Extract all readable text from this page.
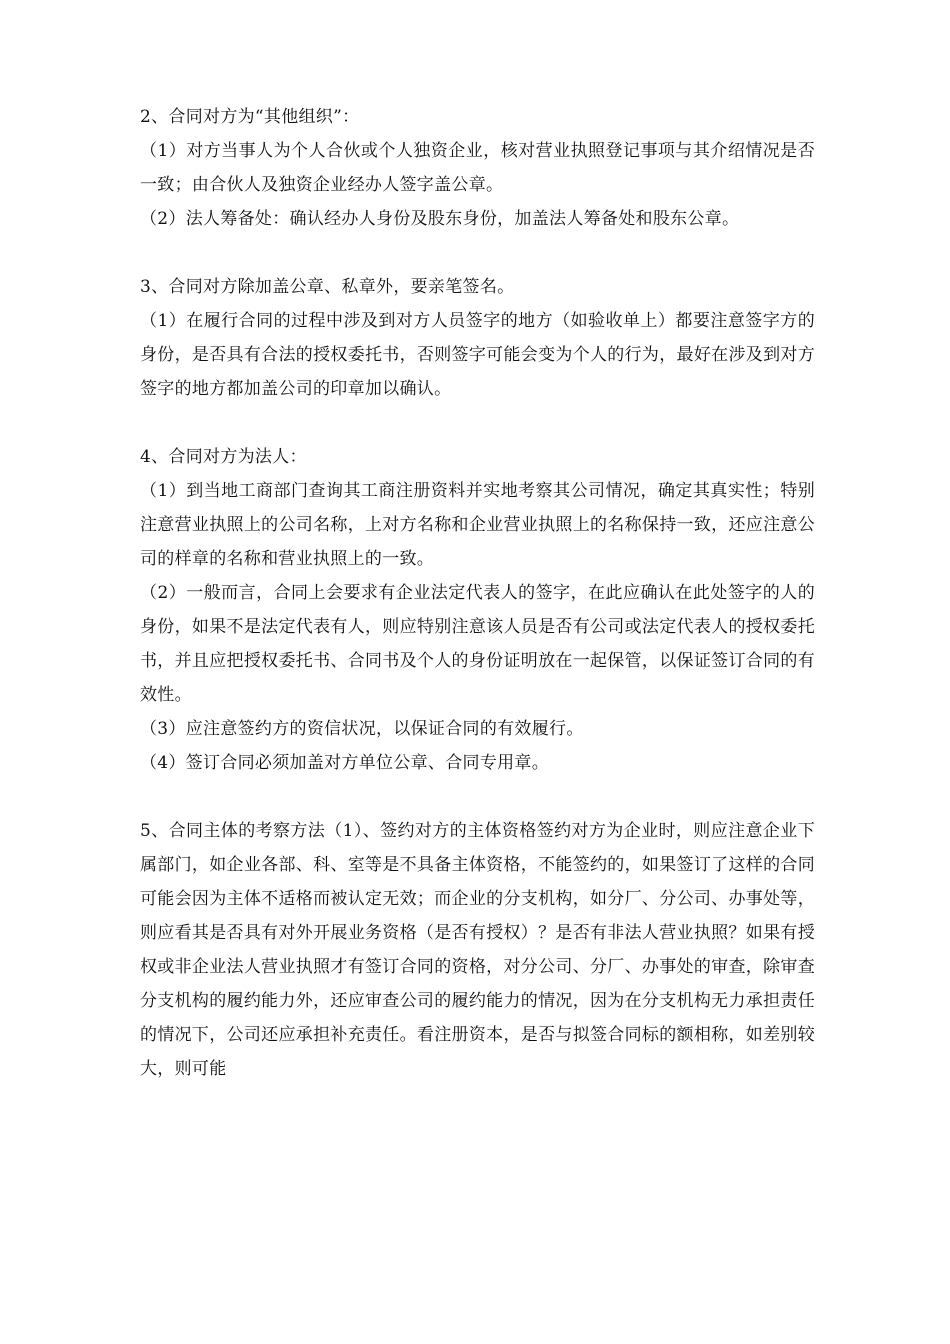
2、合同对方为“其他组织”：

（1）对方当事人为个人合伙或个人独资企业，核对营业执照登记事项与其介绍情况是否一致；由合伙人及独资企业经办人签字盖公章。

（2）法人筹备处：确认经办人身份及股东身份，加盖法人筹备处和股东公章。

3、合同对方除加盖公章、私章外，要亲笔签名。

（1）在履行合同的过程中涉及到对方人员签字的地方（如验收单上）都要注意签字方的身份，是否具有合法的授权委托书，否则签字可能会变为个人的行为，最好在涉及到对方签字的地方都加盖公司的印章加以确认。

4、合同对方为法人：

（1）到当地工商部门查询其工商注册资料并实地考察其公司情况，确定其真实性；特别注意营业执照上的公司名称，上对方名称和企业营业执照上的名称保持一致，还应注意公司的样章的名称和营业执照上的一致。

（2）一般而言，合同上会要求有企业法定代表人的签字，在此应确认在此处签字的人的身份，如果不是法定代表有人，则应特别注意该人员是否有公司或法定代表人的授权委托书，并且应把授权委托书、合同书及个人的身份证明放在一起保管，以保证签订合同的有效性。

（3）应注意签约方的资信状况，以保证合同的有效履行。

（4）签订合同必须加盖对方单位公章、合同专用章。

5、合同主体的考察方法（1）、签约对方的主体资格签约对方为企业时，则应注意企业下属部门，如企业各部、科、室等是不具备主体资格，不能签约的，如果签订了这样的合同可能会因为主体不适格而被认定无效；而企业的分支机构，如分厂、分公司、办事处等，则应看其是否具有对外开展业务资格（是否有授权）？是否有非法人营业执照？如果有授权或非企业法人营业执照才有签订合同的资格，对分公司、分厂、办事处的审查，除审查分支机构的履约能力外，还应审查公司的履约能力的情况，因为在分支机构无力承担责任的情况下，公司还应承担补充责任。看注册资本，是否与拟签合同标的额相称，如差别较大，则可能
